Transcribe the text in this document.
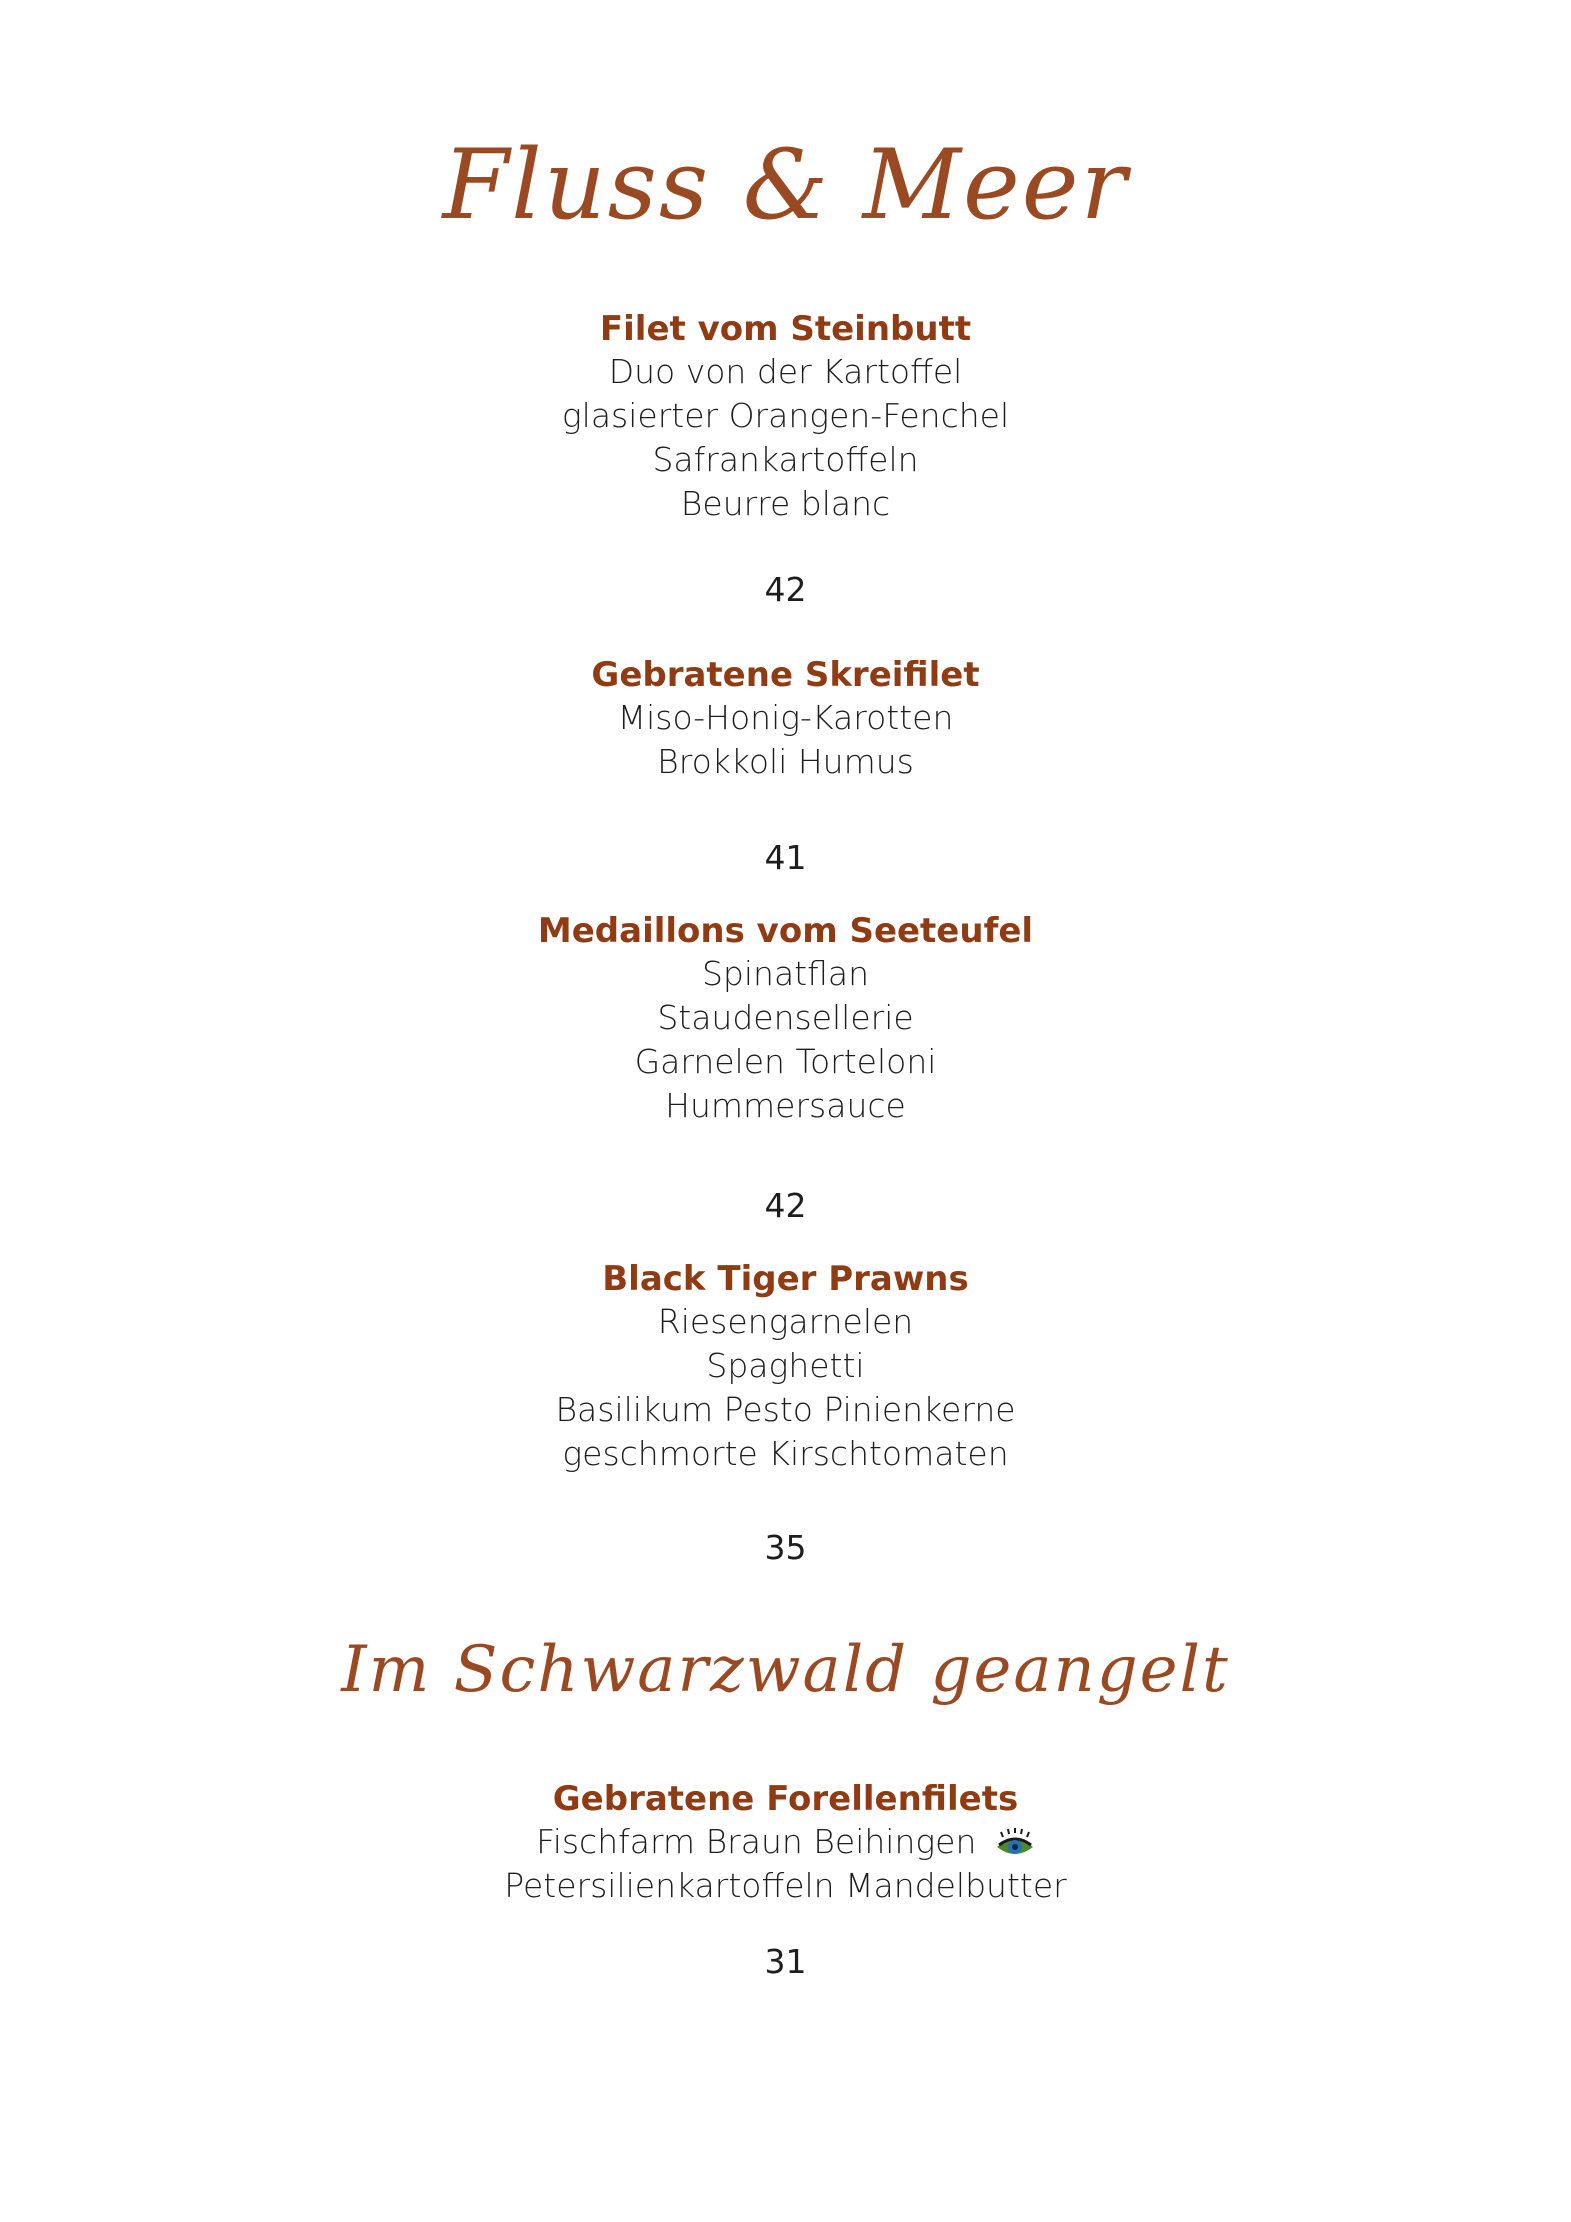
Fluss & Meer
Filet vom Steinbutt
Duo von der Kartoffel
glasierter Orangen-Fenchel
Safrankartoffeln
Beurre blanc
42
Gebratene Skreifilet
Miso-Honig-Karotten
Brokkoli Humus
41
Medaillons vom Seeteufel
Spinatflan
Staudensellerie
Garnelen Torteloni
Hummersauce
42
Black Tiger Prawns
Riesengarnelen
Spaghetti
Basilikum Pesto Pinienkerne
geschmorte Kirschtomaten
35
Im Schwarzwald geangelt
Gebratene Forellenfilets
Fischfarm Braun Beihingen
Petersilienkartoffeln Mandelbutter
31
